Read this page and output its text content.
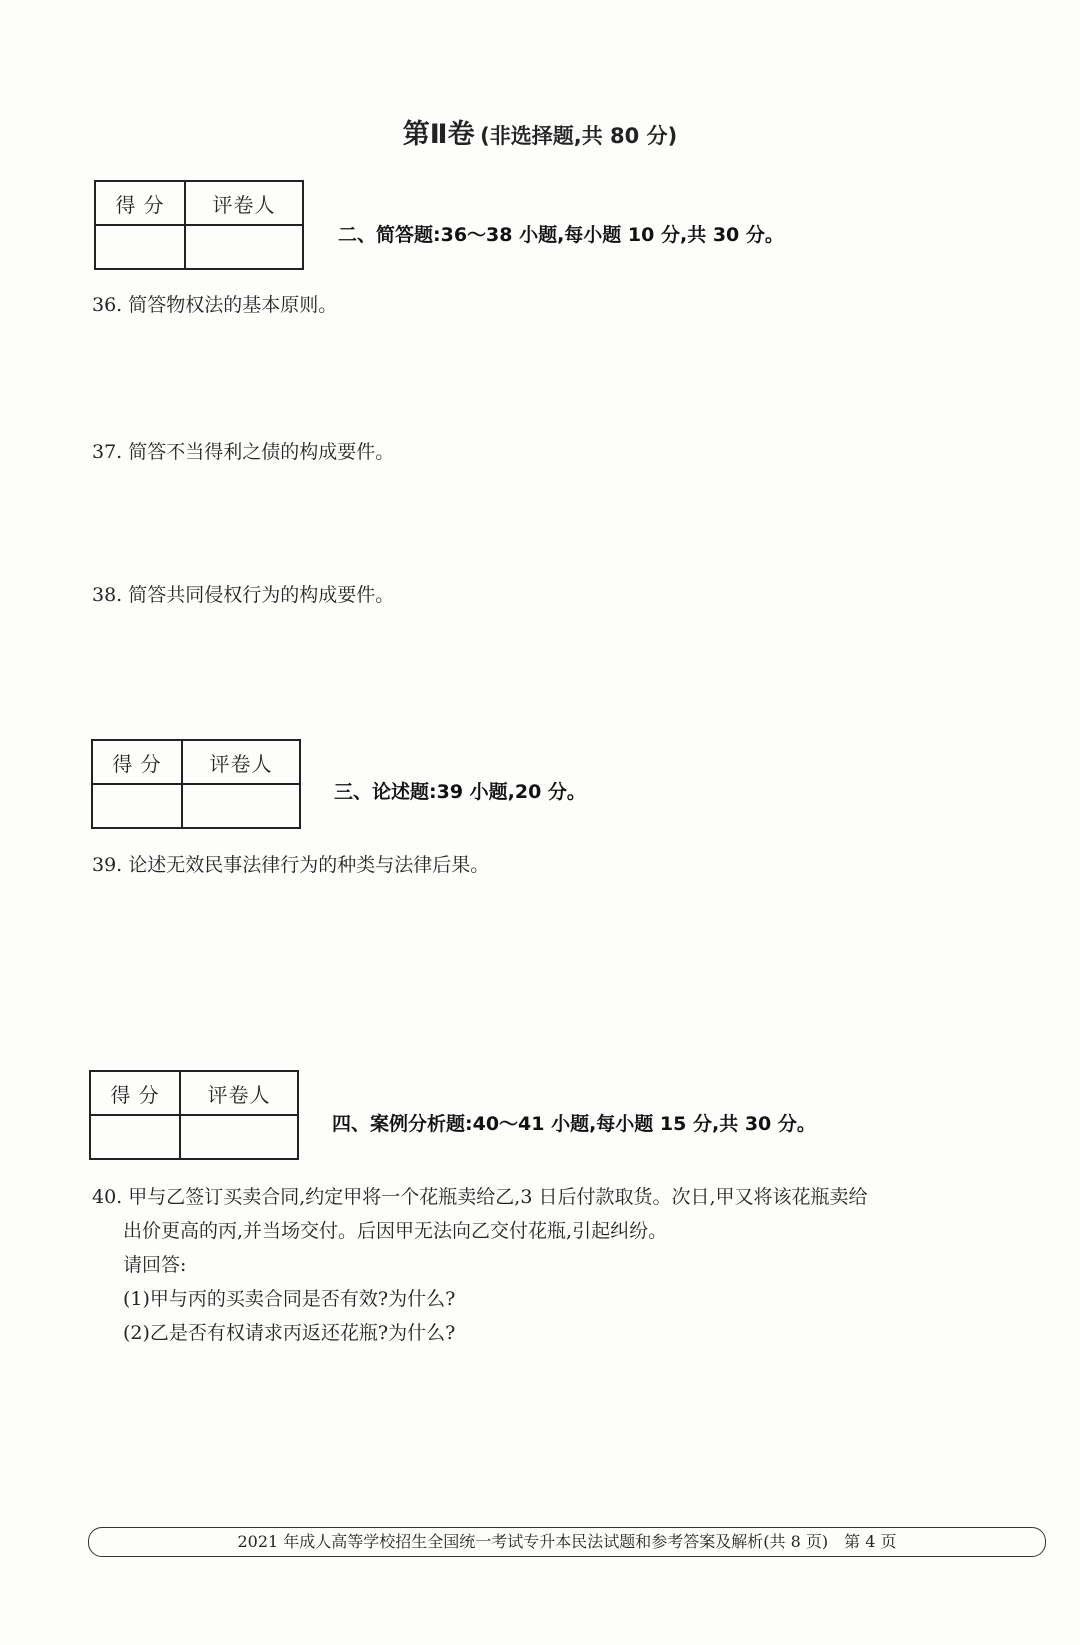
第Ⅱ卷 (非选择题,共 80 分)
得 分	评卷人

二、简答题:36～38 小题,每小题 10 分,共 30 分。
36. 简答物权法的基本原则。
37. 简答不当得利之债的构成要件。
38. 简答共同侵权行为的构成要件。
得 分	评卷人

三、论述题:39 小题,20 分。
39. 论述无效民事法律行为的种类与法律后果。
得 分	评卷人

四、案例分析题:40～41 小题,每小题 15 分,共 30 分。
40. 甲与乙签订买卖合同,约定甲将一个花瓶卖给乙,3 日后付款取货。次日,甲又将该花瓶卖给
出价更高的丙,并当场交付。后因甲无法向乙交付花瓶,引起纠纷。
请回答:
(1)甲与丙的买卖合同是否有效?为什么?
(2)乙是否有权请求丙返还花瓶?为什么?
2021 年成人高等学校招生全国统一考试专升本民法试题和参考答案及解析(共 8 页)　第 4 页
